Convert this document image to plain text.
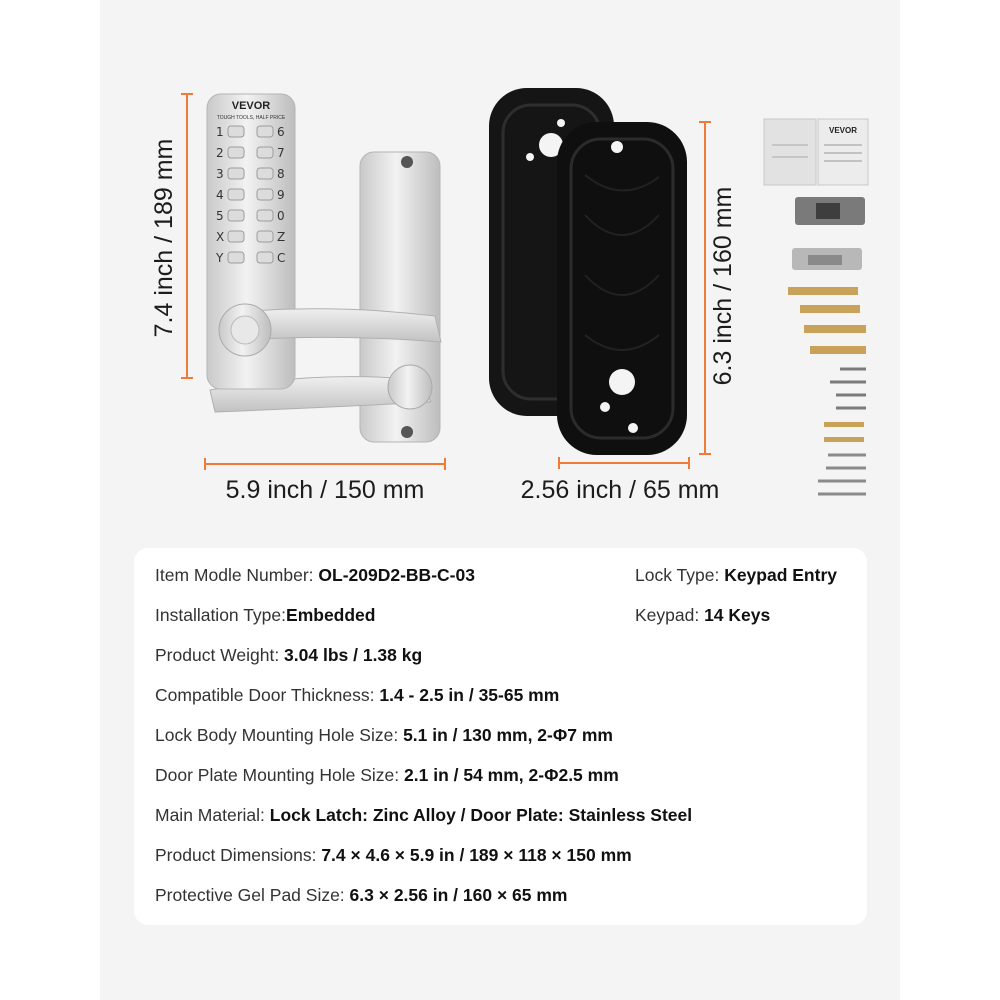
1
2
3
4
5
X
Y
6
7
8
9
0
Z
C
VEVOR
TOUGH TOOLS, HALF PRICE
7.4 inch / 189 mm
5.9 inch / 150 mm
6.3 inch / 160 mm
2.56 inch / 65 mm
VEVOR
Item Modle Number: OL-209D2-BB-C-03	Lock Type: Keypad Entry
Installation Type:Embedded	Keypad: 14 Keys
Product Weight: 3.04 lbs / 1.38 kg
Compatible Door Thickness: 1.4 - 2.5 in / 35-65 mm
Lock Body Mounting Hole Size: 5.1 in / 130 mm, 2-Φ7 mm
Door Plate Mounting Hole Size: 2.1 in / 54 mm, 2-Φ2.5 mm
Main Material: Lock Latch: Zinc Alloy / Door Plate: Stainless Steel
Product Dimensions: 7.4 × 4.6 × 5.9 in / 189 × 118 × 150 mm
Protective Gel Pad Size: 6.3 × 2.56 in / 160 × 65 mm
